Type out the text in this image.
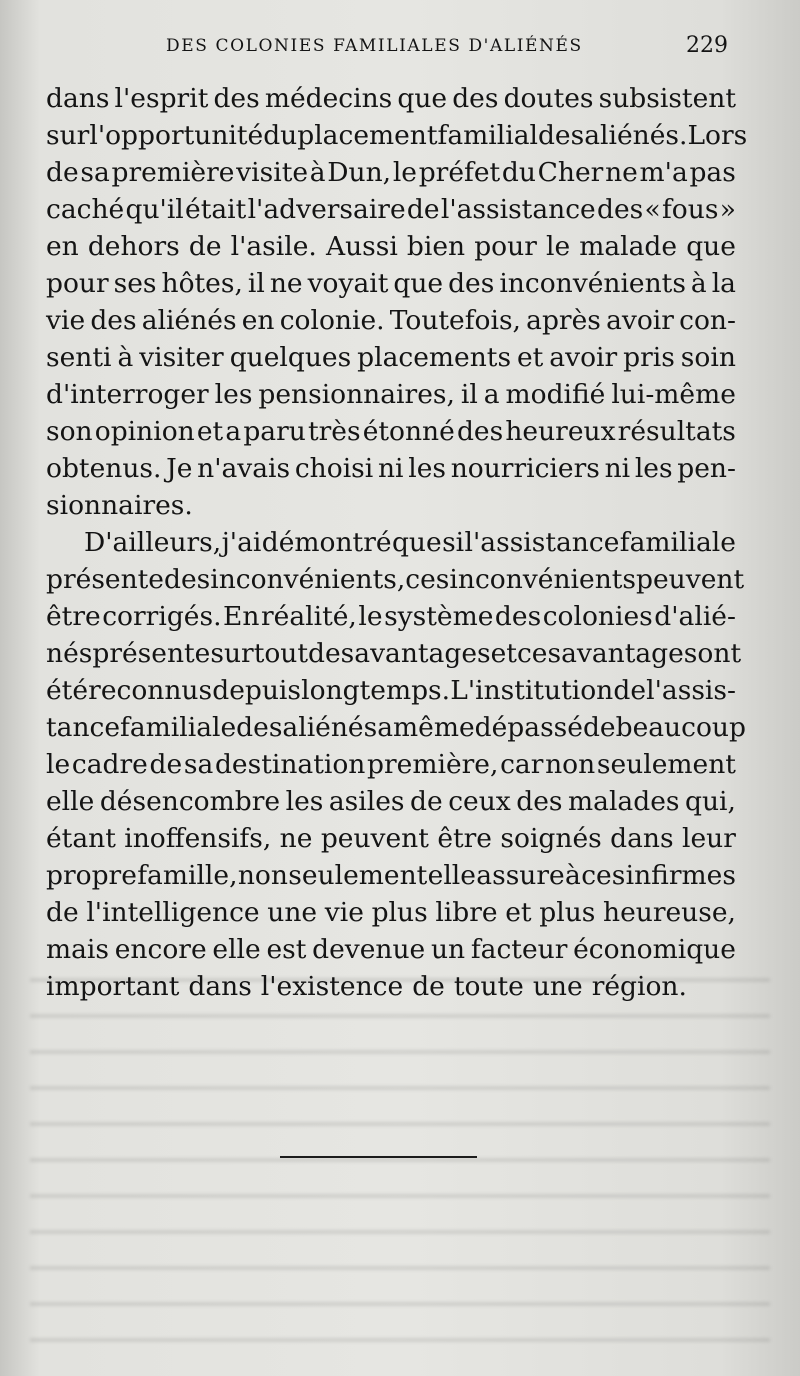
DES COLONIES FAMILIALES D'ALIÉNÉS	229
dans l'esprit des médecins que des doutes subsistent
sur l'opportunité du placement familial des aliénés. Lors
de sa première visite à Dun, le préfet du Cher ne m'a pas
caché qu'il était l'adversaire de l'assistance des « fous »
en dehors de l'asile. Aussi bien pour le malade que
pour ses hôtes, il ne voyait que des inconvénients à la
vie des aliénés en colonie. Toutefois, après avoir con-
senti à visiter quelques placements et avoir pris soin
d'interroger les pensionnaires, il a modifié lui-même
son opinion et a paru très étonné des heureux résultats
obtenus. Je n'avais choisi ni les nourriciers ni les pen-
sionnaires.
D'ailleurs, j'ai démontré que si l'assistance familiale
présente des inconvénients, ces inconvénients peuvent
être corrigés. En réalité, le système des colonies d'alié-
nés présente surtout des avantages et ces avantages ont
été reconnus depuis longtemps. L'institution de l'assis-
tance familiale des aliénés a même dépassé de beaucoup
le cadre de sa destination première, car non seulement
elle désencombre les asiles de ceux des malades qui,
étant inoffensifs, ne peuvent être soignés dans leur
propre famille, non seulement elle assure à ces infirmes
de l'intelligence une vie plus libre et plus heureuse,
mais encore elle est devenue un facteur économique
important dans l'existence de toute une région.
